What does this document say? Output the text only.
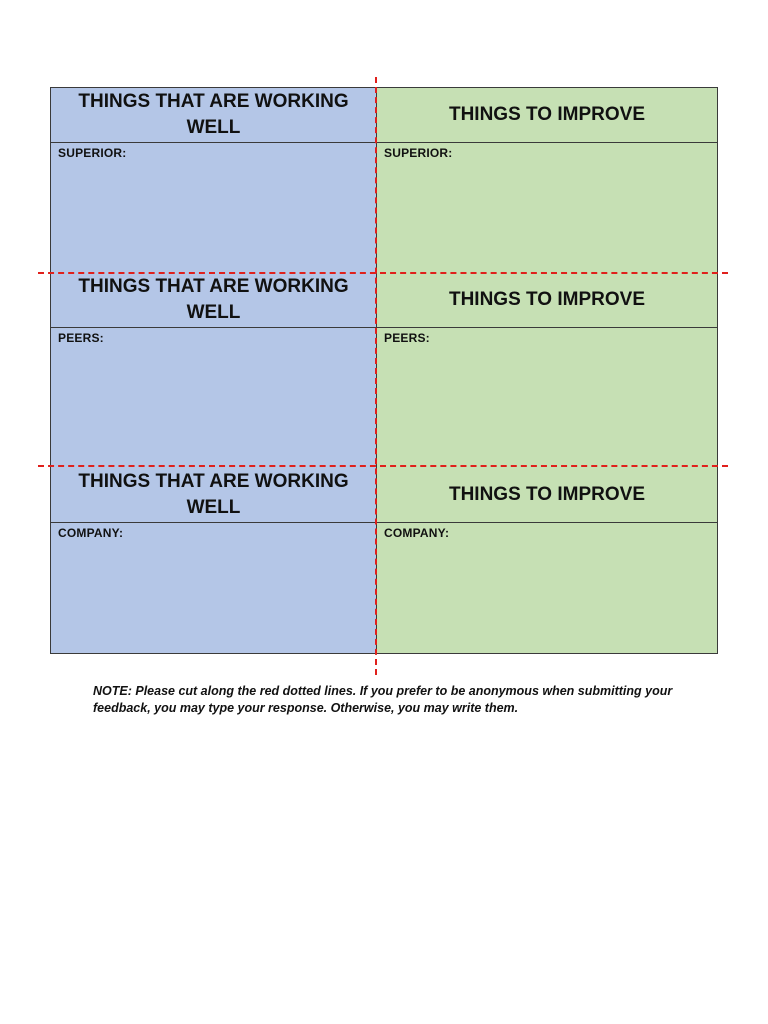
THINGS THAT ARE WORKING WELL
SUPERIOR:
THINGS TO IMPROVE
SUPERIOR:
THINGS THAT ARE WORKING WELL
PEERS:
THINGS TO IMPROVE
PEERS:
THINGS THAT ARE WORKING WELL
COMPANY:
THINGS TO IMPROVE
COMPANY:
NOTE: Please cut along the red dotted lines. If you prefer to be anonymous when submitting your feedback, you may type your response. Otherwise, you may write them.
